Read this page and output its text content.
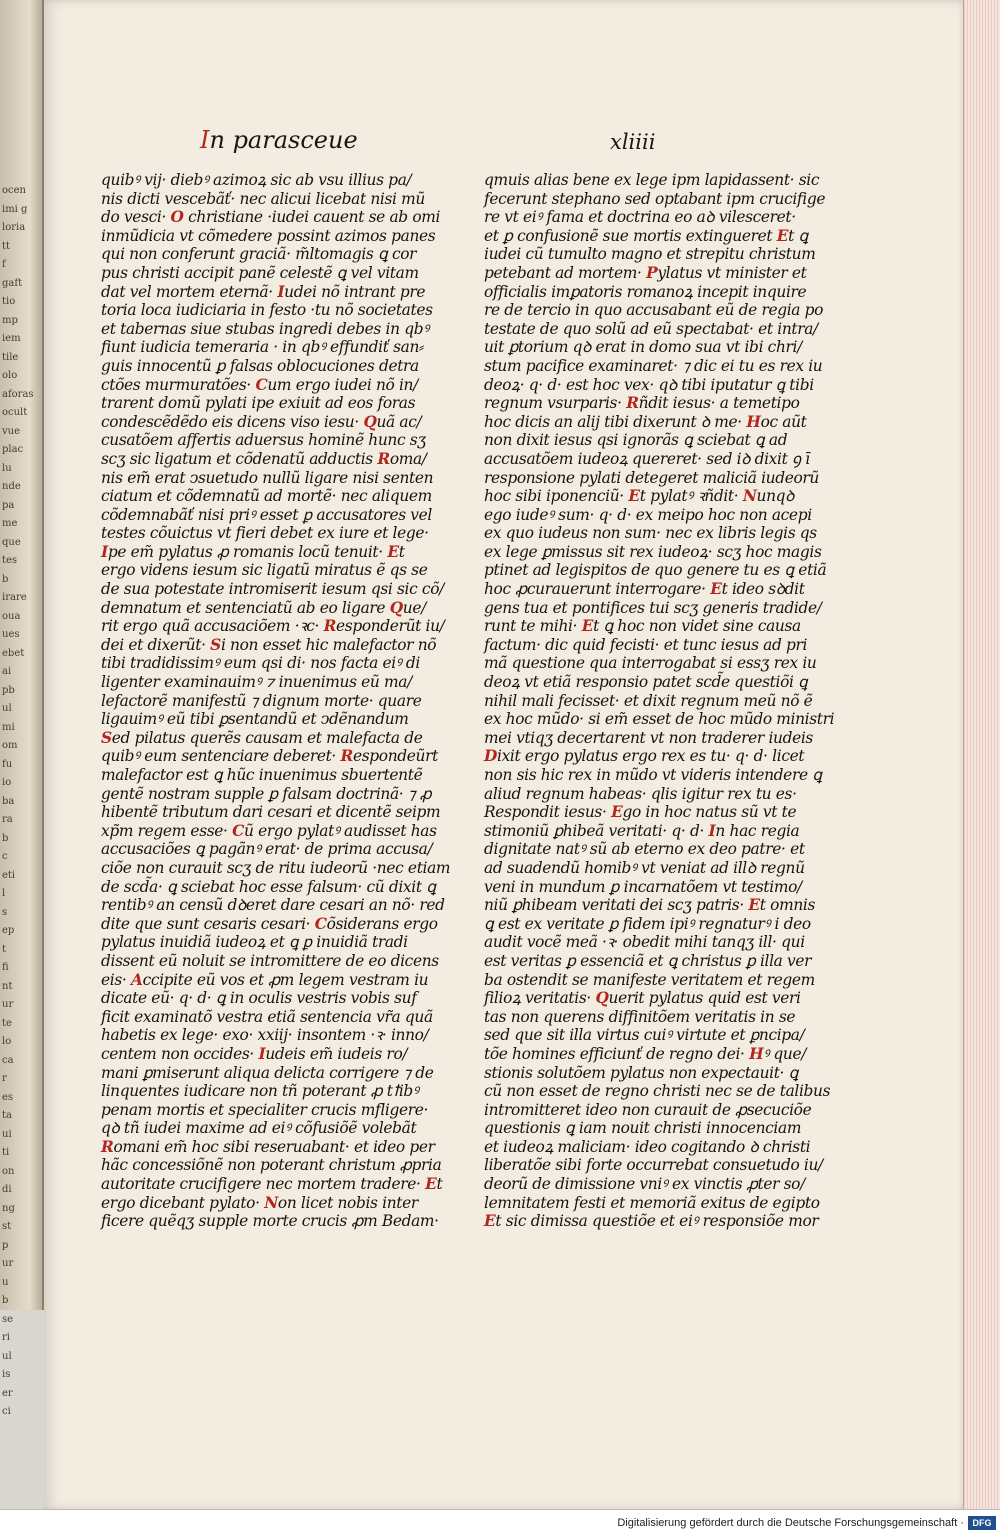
ocen
imi g
loria
tt
f
gaft
tio
mp
iem
tile
olo
aforas
ocult
vue
plac
lu
nde
pa
me
que
tes
b
irare
oua
ues
ebet
ai
pb
ul
mi
om
fu
io
ba
ra
b
c
eti
l
s
ep
t
fi
nt
ur
te
lo
ca
r
es
ta
ui
ti
on
di
ng
st
p
ur
u
b
se
ri
ul
is
er
ci
In parasceue	xliiii
quibꝰ vij· diebꝰ azimoꝝ sic ab vsu illius pa/
nis dicti vescebãť· nec alicui licebat nisi mũ
do vesci· O christiane ·iudei cauent se ab omi
inmũdicia vt cõmedere possint azimos panes
qui non conferunt graciã· m̃ltomagis ꝗ cor
pus christi accipit panẽ celestẽ ꝗ vel vitam
dat vel mortem eternã· Iudei nõ intrant pre
toria loca iudiciaria in festo ·tu nõ societates
et tabernas siue stubas ingredi debes in qbꝰ
fiunt iudicia temeraria · in qbꝰ effundiť san⸗
guis innocentũ ꝑ falsas oblocuciones detra
ctões murmuratões· Cum ergo iudei nõ in/
trarent domũ pylati ipe exiuit ad eos foras
condescẽdẽdo eis dicens viso iesu· Quã ac/
cusatõem affertis aduersus hominẽ hunc sʒ
scʒ sic ligatum et cõdenatũ adductis Roma/
nis em̃ erat ↄsuetudo nullũ ligare nisi senten
ciatum et cõdemnatũ ad mortẽ· nec aliquem
cõdemnabãť nisi priꝰ esset ꝑ accusatores vel
testes cõuictus vt fieri debet ex iure et lege·
Ipe em̃ pylatus ꝓ romanis locũ tenuit· Et
ergo videns iesum sic ligatũ miratus ẽ qs se
de sua potestate intromiserit iesum qsi sic cõ/
demnatum et sentenciatũ ab eo ligare Que/
rit ergo quã accusaciõem ·ꝛc· Responderũt iu/
dei et dixerũt· Si non esset hic malefactor nõ
tibi tradidissimꝰ eum qsi di· nos facta eiꝰ di
ligenter examinauimꝰ ⁊ inuenimus eũ ma/
lefactorẽ manifestũ ⁊ dignum morte· quare
ligauimꝰ eũ tibi ꝑsentandũ et ↄdẽnandum
Sed pilatus querẽs causam et malefacta de
quibꝰ eum sentenciare deberet· Respondeũrt
malefactor est ꝗ hũc inuenimus sbuertentẽ
gentẽ nostram supple ꝑ falsam doctrinã· ⁊ ꝓ
hibentẽ tributum dari cesari et dicentẽ seipm
xp̃m regem esse· Cũ ergo pylatꝰ audisset has
accusaciões ꝗ pagãnꝰ erat· de prima accusa/
ciõe non curauit scʒ de ritu iudeorũ ·nec etiam
de scd̃a· ꝗ sciebat hoc esse falsum· cũ dixit ꝗ
rentibꝰ an censũ dꝺeret dare cesari an nõ· red
dite que sunt cesaris cesari· Cõsiderans ergo
pylatus inuidiã iudeoꝝ et ꝗ ꝑ inuidiã tradi
dissent eũ noluit se intromittere de eo dicens
eis· Accipite eũ vos et ꝓm legem vestram iu
dicate eũ· q· d· ꝗ in oculis vestris vobis suf
ficit examinatõ vestra etiã sentencia vr̃a quã
habetis ex lege· exo· xxiij· insontem ·ꝛ· inno/
centem non occides· Iudeis em̃ iudeis ro/
mani ꝑmiserunt aliqua delicta corrigere ⁊ de
linquentes iudicare non tñ poterant ꝓ tꝉibꝰ
penam mortis et specialiter crucis mfligere·
qꝺ tñ iudei maxime ad eiꝰ cõfusiõẽ volebãt
Romani em̃ hoc sibi reseruabant· et ideo per
hãc concessiõnẽ non poterant christum ꝓpria
autoritate crucifigere nec mortem tradere· Et
ergo dicebant pylato· Non licet nobis inter
ficere quẽqʒ supple morte crucis ꝓm Bedam·
qmuis alias bene ex lege ipm lapidassent· sic
fecerunt stephano sed optabant ipm crucifige
re vt eiꝰ fama et doctrina eo aꝺ vilesceret·
et ꝑ confusionẽ sue mortis extingueret Et ꝗ
iudei cũ tumulto magno et strepitu christum
petebant ad mortem· Pylatus vt minister et
officialis imꝑatoris romanoꝝ incepit inquire
re de tercio in quo accusabant eũ de regia po
testate de quo solũ ad eũ spectabat· et intra/
uit ꝑtorium qꝺ erat in domo sua vt ibi chri/
stum pacifice examinaret· ⁊ dic ei tu es rex iu
deoꝝ· q· d· est hoc vex· qꝺ tibi iputatur ꝗ tibi
regnum vsurparis· Rñdit iesus· a temetipo
hoc dicis an alij tibi dixerunt ꝺ me· Hoc aũt
non dixit iesus qsi ignorãs ꝗ sciebat ꝗ ad
accusatõem iudeoꝝ quereret· sed iꝺ dixit ꝯ ī
responsione pylati detegeret maliciã iudeorũ
hoc sibi iponenciũ· Et pylatꝰ ꝛñdit· Nunqꝺ
ego iudeꝰ sum· q· d· ex meipo hoc non acepi
ex quo iudeus non sum· nec ex libris legis qs
ex lege ꝑmissus sit rex iudeoꝝ· scʒ hoc magis
ptinet ad legispitos de quo genere tu es ꝗ etiã
hoc ꝓcurauerunt interrogare· Et ideo sꝺdit
gens tua et pontifices tui scʒ generis tradide/
runt te mihi· Et ꝗ hoc non videt sine causa
factum· dic quid fecisti· et tunc iesus ad pri
mã questione qua interrogabat si essʒ rex iu
deoꝝ vt etiã responsio patet scd̃e questiõi ꝗ
nihil mali fecisset· et dixit regnum meũ nõ ẽ
ex hoc mũdo· si em̃ esset de hoc mũdo ministri
mei vtiqʒ decertarent vt non traderer iudeis
Dixit ergo pylatus ergo rex es tu· q· d· licet
non sis hic rex in mũdo vt videris intendere ꝗ
aliud regnum habeas· qlis igitur rex tu es·
Respondit iesus· Ego in hoc natus sũ vt te
stimoniũ ꝑhibeã veritati· q· d· In hac regia
dignitate natꝰ sũ ab eterno ex deo patre· et
ad suadendũ homibꝰ vt veniat ad illꝺ regnũ
veni in mundum ꝑ incarnatõem vt testimo/
niũ ꝑhibeam veritati dei scʒ patris· Et omnis
ꝗ est ex veritate ꝑ fidem ipiꝰ regnaturꝰ i deo
audit vocẽ meã ·ꝛ· obedit mihi tanqʒ ill· qui
est veritas ꝑ essenciã et ꝗ christus ꝑ illa ver
ba ostendit se manifeste veritatem et regem
filioꝝ veritatis· Querit pylatus quid est veri
tas non querens diffinitõem veritatis in se
sed que sit illa virtus cuiꝰ virtute et ꝑncipa/
tõe homines efficiunť de regno dei· Hꝰ que/
stionis solutõem pylatus non expectauit· ꝗ
cũ non esset de regno christi nec se de talibus
intromitteret ideo non curauit de ꝓsecuciõe
questionis ꝗ iam nouit christi innocenciam
et iudeoꝝ maliciam· ideo cogitando ꝺ christi
liberatõe sibi forte occurrebat consuetudo iu/
deorũ de dimissione vniꝰ ex vinctis ꝓter so/
lemnitatem festi et memoriã exitus de egipto
Et sic dimissa questiõe et eiꝰ responsiõe mor
Digitalisierung gefördert durch die Deutsche Forschungsgemeinschaft · DFG
